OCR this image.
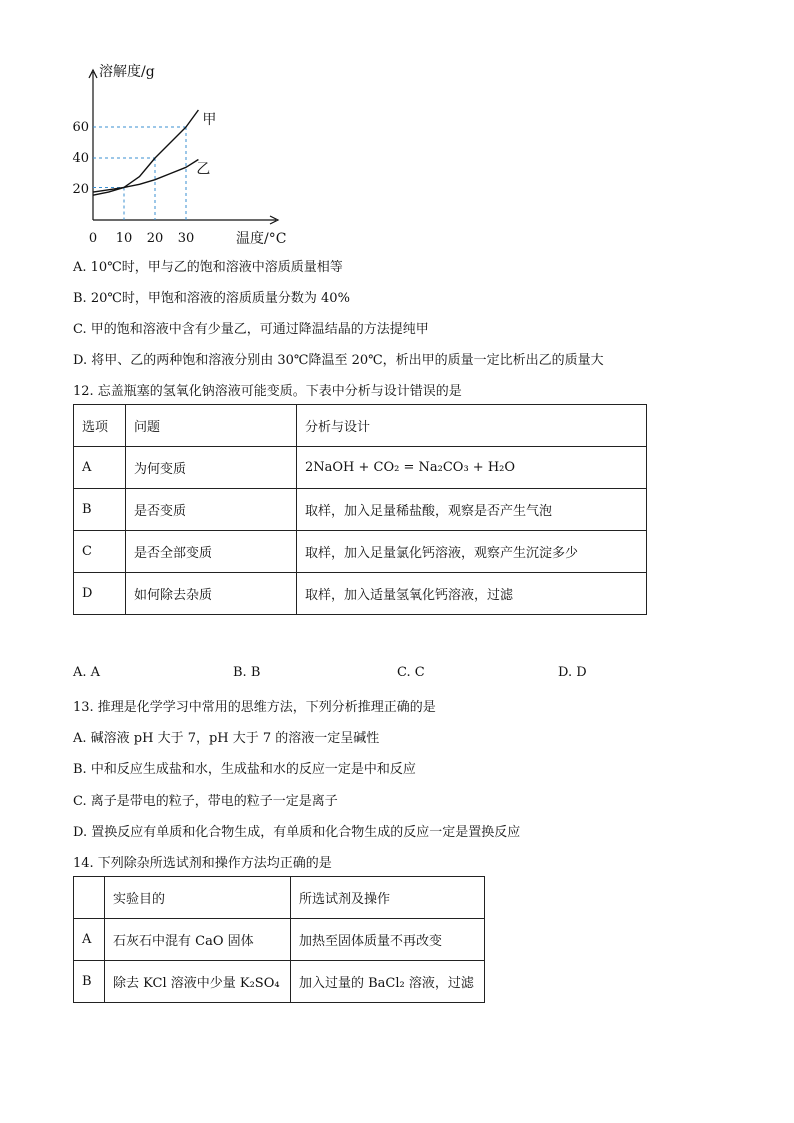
溶解度/g
温度/°C
60
40
20
0 10 20 30
甲
乙
A. 10℃时，甲与乙的饱和溶液中溶质质量相等
B. 20℃时，甲饱和溶液的溶质质量分数为 40%
C. 甲的饱和溶液中含有少量乙，可通过降温结晶的方法提纯甲
D. 将甲、乙的两种饱和溶液分别由 30℃降温至 20℃，析出甲的质量一定比析出乙的质量大
12. 忘盖瓶塞的氢氧化钠溶液可能变质。下表中分析与设计错误的是
选项	问题	分析与设计
A	为何变质	2NaOH + CO₂ = Na₂CO₃ + H₂O
B	是否变质	取样，加入足量稀盐酸，观察是否产生气泡
C	是否全部变质	取样，加入足量氯化钙溶液，观察产生沉淀多少
D	如何除去杂质	取样，加入适量氢氧化钙溶液，过滤
A. A	B. B	C. C	D. D
13. 推理是化学学习中常用的思维方法，下列分析推理正确的是
A. 碱溶液 pH 大于 7，pH 大于 7 的溶液一定呈碱性
B. 中和反应生成盐和水，生成盐和水的反应一定是中和反应
C. 离子是带电的粒子，带电的粒子一定是离子
D. 置换反应有单质和化合物生成，有单质和化合物生成的反应一定是置换反应
14. 下列除杂所选试剂和操作方法均正确的是
	实验目的	所选试剂及操作
A	石灰石中混有 CaO 固体	加热至固体质量不再改变
B	除去 KCl 溶液中少量 K₂SO₄	加入过量的 BaCl₂ 溶液，过滤
